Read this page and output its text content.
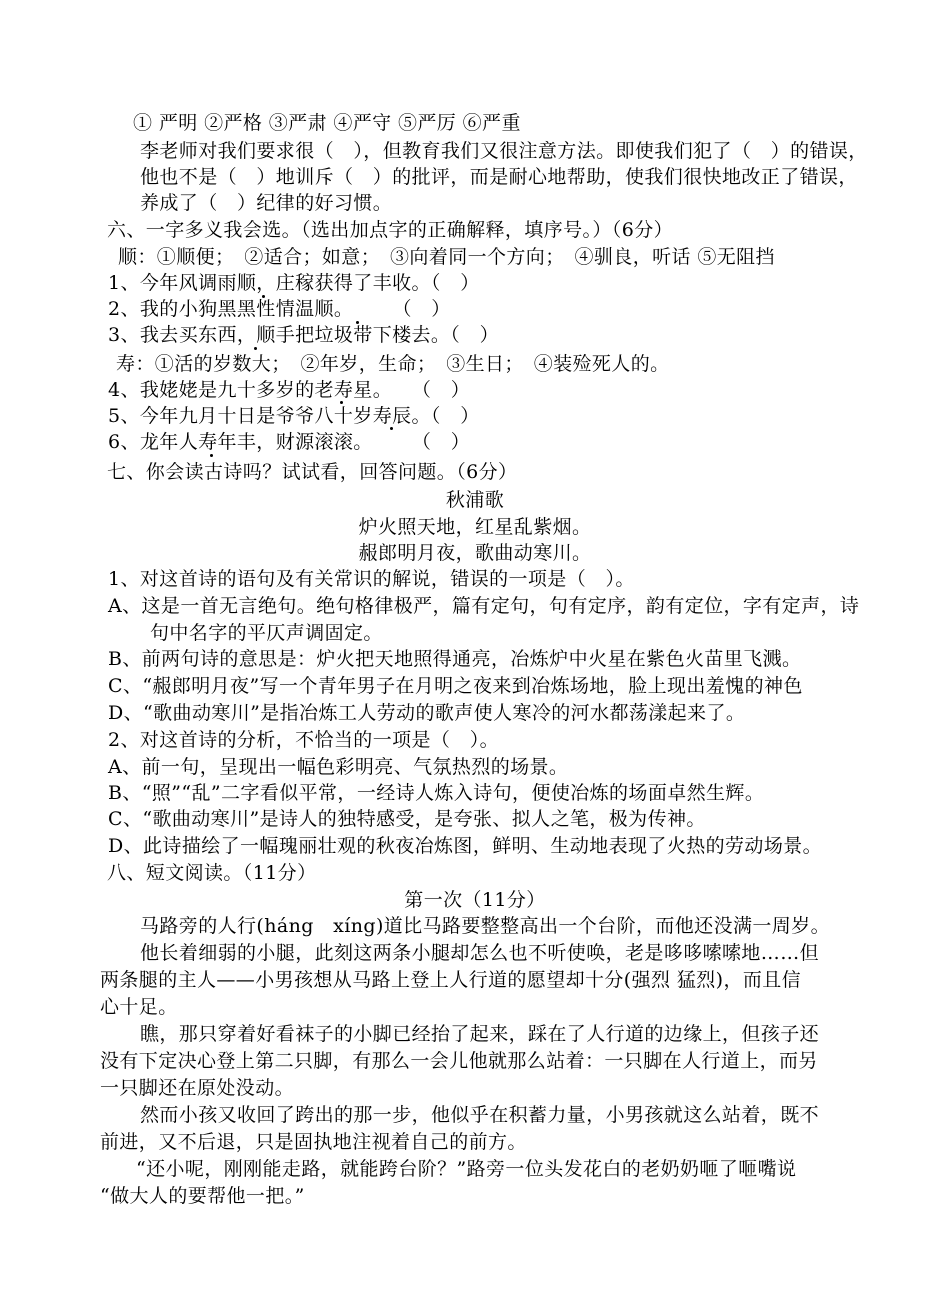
① 严明 ②严格 ③严肃 ④严守 ⑤严厉 ⑥严重
李老师对我们要求很（　），但教育我们又很注意方法。即使我们犯了（　）的错误，
他也不是（　）地训斥（　）的批评，而是耐心地帮助，使我们很快地改正了错误，
养成了（　）纪律的好习惯。
六、一字多义我会选。（选出加点字的正确解释，填序号。）（6分）
顺：①顺便；　②适合；如意；　③向着同一个方向；　④驯良，听话 ⑤无阻挡
1、今年风调雨顺，庄稼获得了丰收。（　）
2、我的小狗黑黑性情温顺。　　　（　）
3、我去买东西，顺手把垃圾带下楼去。（　）
寿：①活的岁数大；　②年岁，生命；　③生日；　④装殓死人的。
4、我姥姥是九十多岁的老寿星。　　（　）
5、今年九月十日是爷爷八十岁寿辰。（　）
6、龙年人寿年丰，财源滚滚。　　　（　）
七、你会读古诗吗？试试看，回答问题。（6分）
秋浦歌
炉火照天地，红星乱紫烟。
赧郎明月夜，歌曲动寒川。
1、对这首诗的语句及有关常识的解说，错误的一项是（　）。
A、这是一首无言绝句。绝句格律极严，篇有定句，句有定序，韵有定位，字有定声，诗
句中名字的平仄声调固定。
B、前两句诗的意思是：炉火把天地照得通亮，冶炼炉中火星在紫色火苗里飞溅。
C、“赧郎明月夜”写一个青年男子在月明之夜来到冶炼场地，脸上现出羞愧的神色
D、“歌曲动寒川”是指冶炼工人劳动的歌声使人寒冷的河水都荡漾起来了。
2、对这首诗的分析，不恰当的一项是（　）。
A、前一句，呈现出一幅色彩明亮、气氛热烈的场景。
B、“照”“乱”二字看似平常，一经诗人炼入诗句，便使冶炼的场面卓然生辉。
C、“歌曲动寒川”是诗人的独特感受，是夸张、拟人之笔，极为传神。
D、此诗描绘了一幅瑰丽壮观的秋夜冶炼图，鲜明、生动地表现了火热的劳动场景。
八、短文阅读。（11分）
第一次（11分）
马路旁的人行(háng　xíng)道比马路要整整高出一个台阶，而他还没满一周岁。
他长着细弱的小腿，此刻这两条小腿却怎么也不听使唤，老是哆哆嗦嗦地……但
两条腿的主人——小男孩想从马路上登上人行道的愿望却十分(强烈 猛烈)，而且信
心十足。
瞧，那只穿着好看袜子的小脚已经抬了起来，踩在了人行道的边缘上，但孩子还
没有下定决心登上第二只脚，有那么一会儿他就那么站着：一只脚在人行道上，而另
一只脚还在原处没动。
然而小孩又收回了跨出的那一步，他似乎在积蓄力量，小男孩就这么站着，既不
前进，又不后退，只是固执地注视着自己的前方。
“还小呢，刚刚能走路，就能跨台阶？”路旁一位头发花白的老奶奶咂了咂嘴说
“做大人的要帮他一把。”
